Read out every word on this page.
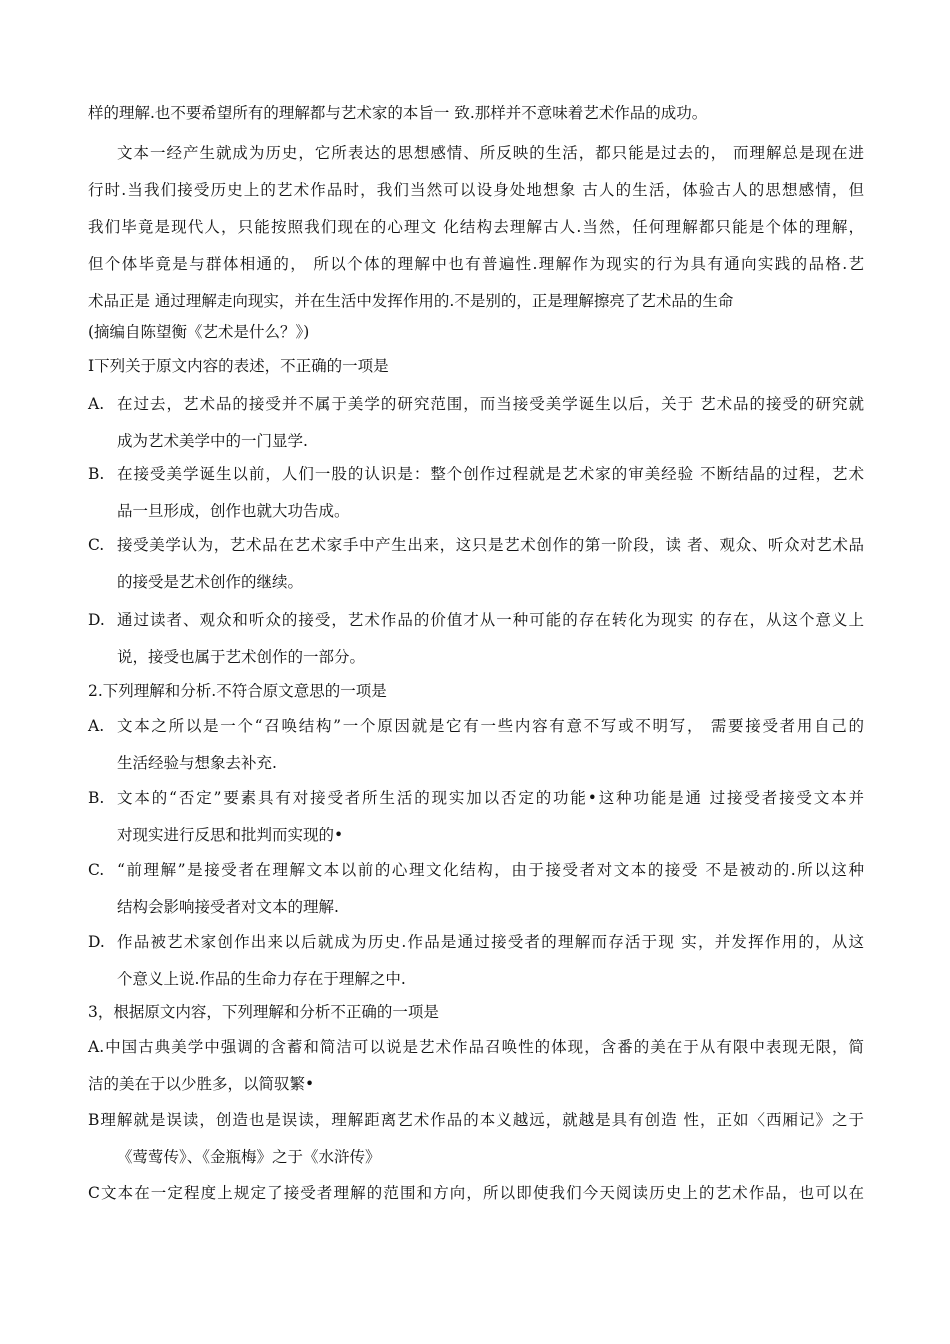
样的理解.也不要希望所有的理解都与艺术家的本旨一 致.那样并不意味着艺术作品的成功。
文本一经产生就成为历史，它所表达的思想感情、所反映的生活，都只能是过去的， 而理解总是现在进
行时.当我们接受历史上的艺术作品时，我们当然可以设身处地想象 古人的生活，体验古人的思想感情，但
我们毕竟是现代人，只能按照我们现在的心理文 化结构去理解古人.当然，任何理解都只能是个体的理解，
但个体毕竟是与群体相通的， 所以个体的理解中也有普遍性.理解作为现实的行为具有通向实践的品格.艺
术品正是 通过理解走向现实，并在生活中发挥作用的.不是别的，正是理解擦亮了艺术品的生命
(摘编自陈望衡《艺术是什么？》)
I下列关于原文内容的表述，不正确的一项是
A. 在过去，艺术品的接受并不属于美学的研究范围，而当接受美学诞生以后，关于 艺术品的接受的研究就
成为艺术美学中的一门显学.
B. 在接受美学诞生以前，人们一股的认识是：整个创作过程就是艺术家的审美经验 不断结晶的过程，艺术
品一旦形成，创作也就大功告成。
C. 接受美学认为，艺术品在艺术家手中产生出来，这只是艺术创作的第一阶段，读 者、观众、听众对艺术品
的接受是艺术创作的继续。
D. 通过读者、观众和听众的接受，艺术作品的价值才从一种可能的存在转化为现实 的存在，从这个意义上
说，接受也属于艺术创作的一部分。
2.下列理解和分析.不符合原文意思的一项是
A. 文本之所以是一个“召唤结构”一个原因就是它有一些内容有意不写或不明写， 需要接受者用自己的
生活经验与想象去补充.
B. 文本的“否定”要素具有对接受者所生活的现实加以否定的功能•这种功能是通 过接受者接受文本并
对现实进行反思和批判而实现的•
C. “前理解”是接受者在理解文本以前的心理文化结构，由于接受者对文本的接受 不是被动的.所以这种
结构会影响接受者对文本的理解.
D. 作品被艺术家创作出来以后就成为历史.作品是通过接受者的理解而存活于现 实，并发挥作用的，从这
个意义上说.作品的生命力存在于理解之中.
3，根据原文内容，下列理解和分析不正确的一项是
A.中国古典美学中强调的含蓄和简洁可以说是艺术作品召唤性的体现，含番的美在于从有限中表现无限，简
洁的美在于以少胜多，以简驭繁•
B理解就是误读，创造也是误读，理解距离艺术作品的本义越远，就越是具有创造 性，正如〈西厢记》之于
《莺莺传》、《金瓶梅》之于《水浒传》
C文本在一定程度上规定了接受者理解的范围和方向，所以即使我们今天阅读历史上的艺术作品，也可以在
